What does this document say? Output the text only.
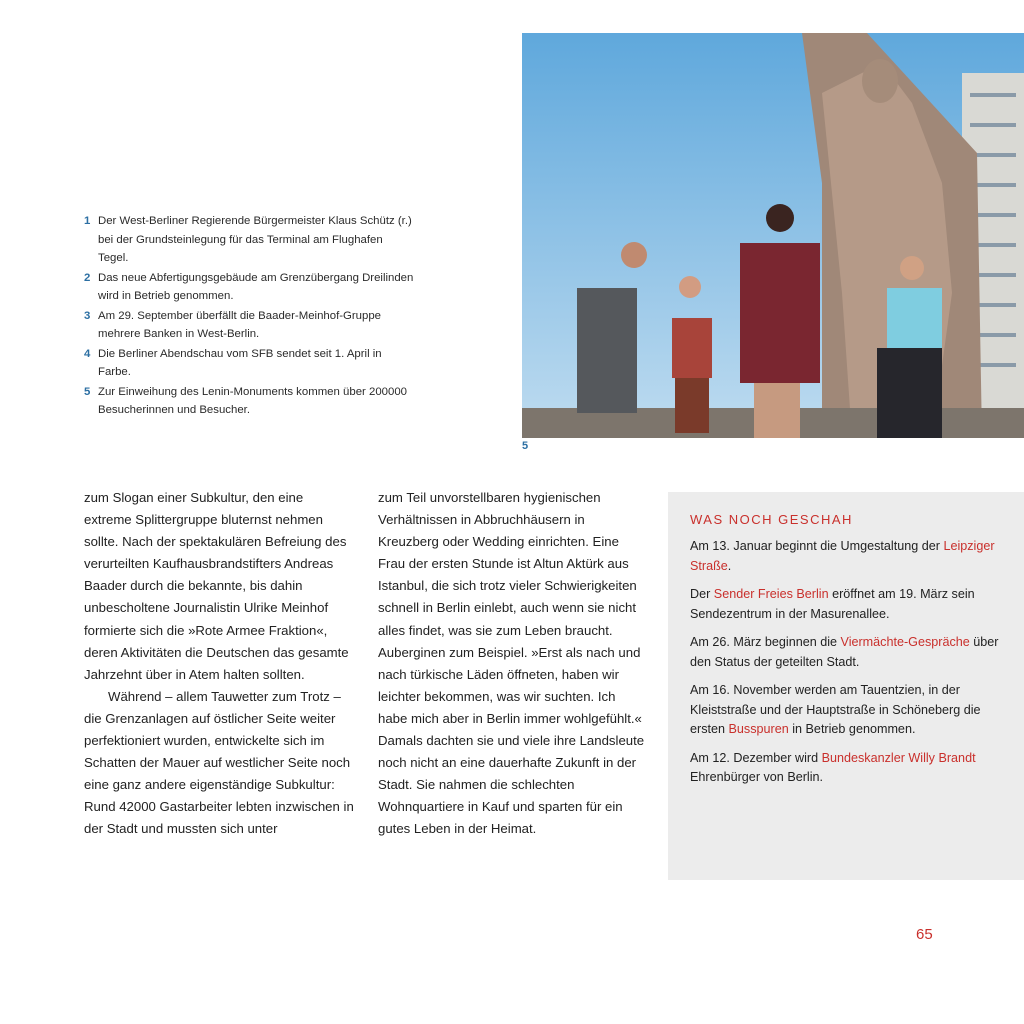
1 Der West-Berliner Regierende Bürgermeister Klaus Schütz (r.) bei der Grundsteinlegung für das Terminal am Flughafen Tegel.
2 Das neue Abfertigungsgebäude am Grenzübergang Dreilinden wird in Betrieb genommen.
3 Am 29. September überfällt die Baader-Meinhof-Gruppe mehrere Banken in West-Berlin.
4 Die Berliner Abendschau vom SFB sendet seit 1. April in Farbe.
5 Zur Einweihung des Lenin-Monuments kommen über 200000 Besucherinnen und Besucher.
5

zum Slogan einer Subkultur, den eine extreme Splittergruppe bluternst nehmen sollte. Nach der spektakulären Befreiung des verurteilten Kaufhausbrandstifters Andreas Baader durch die bekannte, bis dahin unbescholtene Journalistin Ulrike Meinhof formierte sich die »Rote Armee Fraktion«, deren Aktivitäten die Deutschen das gesamte Jahrzehnt über in Atem halten sollten.

Während – allem Tauwetter zum Trotz – die Grenzanlagen auf östlicher Seite weiter perfektioniert wurden, entwickelte sich im Schatten der Mauer auf westlicher Seite noch eine ganz andere eigenständige Subkultur: Rund 42000 Gastarbeiter lebten inzwischen in der Stadt und mussten sich unter

zum Teil unvorstellbaren hygienischen Verhältnissen in Abbruchhäusern in Kreuzberg oder Wedding einrichten. Eine Frau der ersten Stunde ist Altun Aktürk aus Istanbul, die sich trotz vieler Schwierigkeiten schnell in Berlin einlebt, auch wenn sie nicht alles findet, was sie zum Leben braucht. Auberginen zum Beispiel. »Erst als nach und nach türkische Läden öffneten, haben wir leichter bekommen, was wir suchten. Ich habe mich aber in Berlin immer wohlgefühlt.« Damals dachten sie und viele ihre Landsleute noch nicht an eine dauerhafte Zukunft in der Stadt. Sie nahmen die schlechten Wohnquartiere in Kauf und sparten für ein gutes Leben in der Heimat.

WAS NOCH GESCHAH

Am 13. Januar beginnt die Umgestaltung der Leipziger Straße.

Der Sender Freies Berlin eröffnet am 19. März sein Sendezentrum in der Masurenallee.

Am 26. März beginnen die Viermächte-Gespräche über den Status der geteilten Stadt.

Am 16. November werden am Tauentzien, in der Kleiststraße und der Hauptstraße in Schöneberg die ersten Busspuren in Betrieb genommen.

Am 12. Dezember wird Bundeskanzler Willy Brandt Ehrenbürger von Berlin.

65
